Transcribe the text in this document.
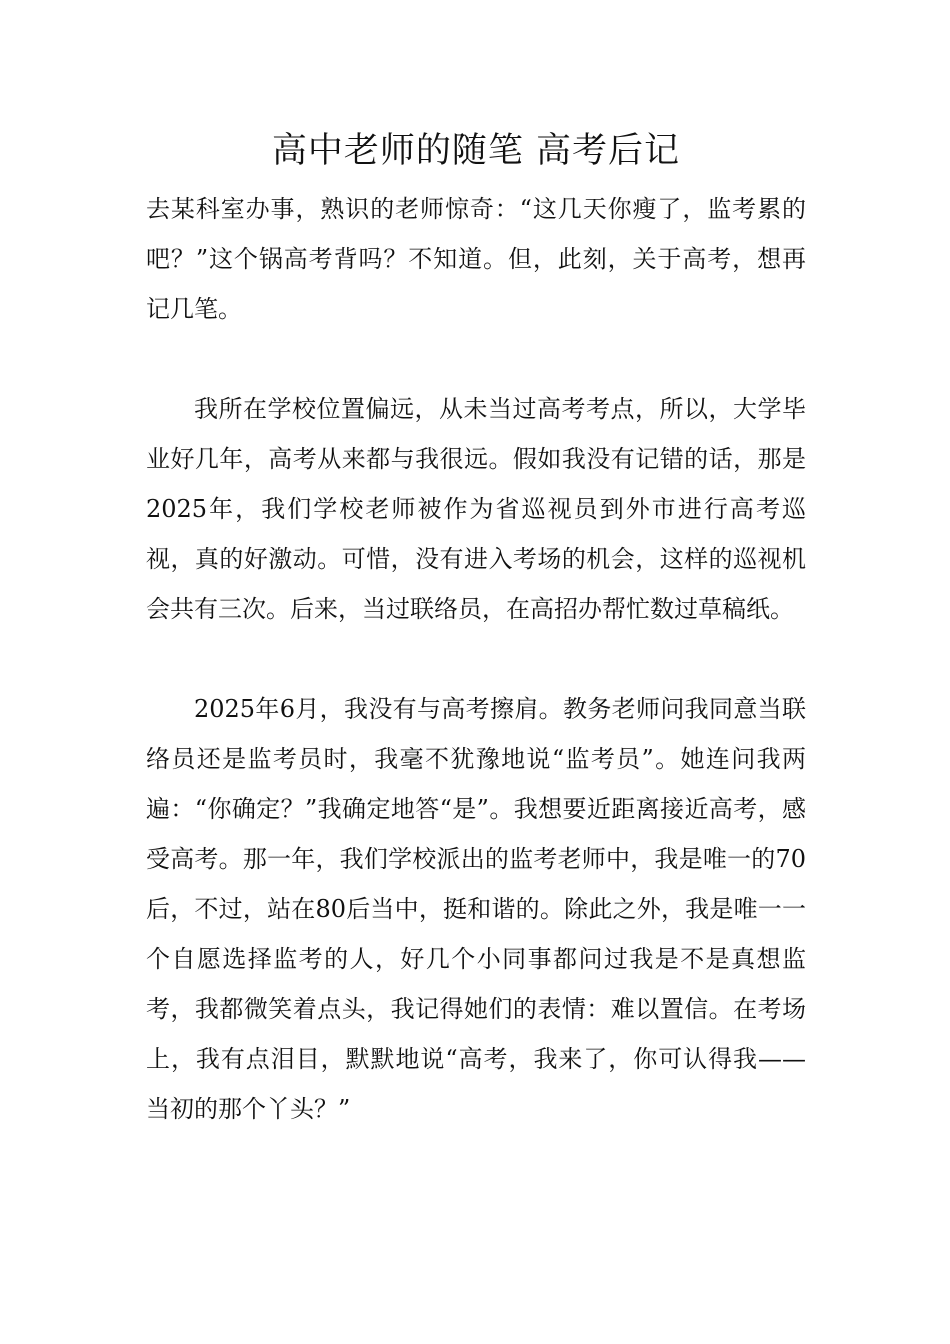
高中老师的随笔 高考后记

去某科室办事，熟识的老师惊奇：“这几天你瘦了，监考累的吧？”这个锅高考背吗？不知道。但，此刻，关于高考，想再记几笔。

我所在学校位置偏远，从未当过高考考点，所以，大学毕业好几年，高考从来都与我很远。假如我没有记错的话，那是2025年，我们学校老师被作为省巡视员到外市进行高考巡视，真的好激动。可惜，没有进入考场的机会，这样的巡视机会共有三次。后来，当过联络员，在高招办帮忙数过草稿纸。

2025年6月，我没有与高考擦肩。教务老师问我同意当联络员还是监考员时，我毫不犹豫地说“监考员”。她连问我两遍：“你确定？”我确定地答“是”。我想要近距离接近高考，感受高考。那一年，我们学校派出的监考老师中，我是唯一的70后，不过，站在80后当中，挺和谐的。除此之外，我是唯一一个自愿选择监考的人，好几个小同事都问过我是不是真想监考，我都微笑着点头，我记得她们的表情：难以置信。在考场上，我有点泪目，默默地说“高考，我来了，你可认得我——当初的那个丫头？”
